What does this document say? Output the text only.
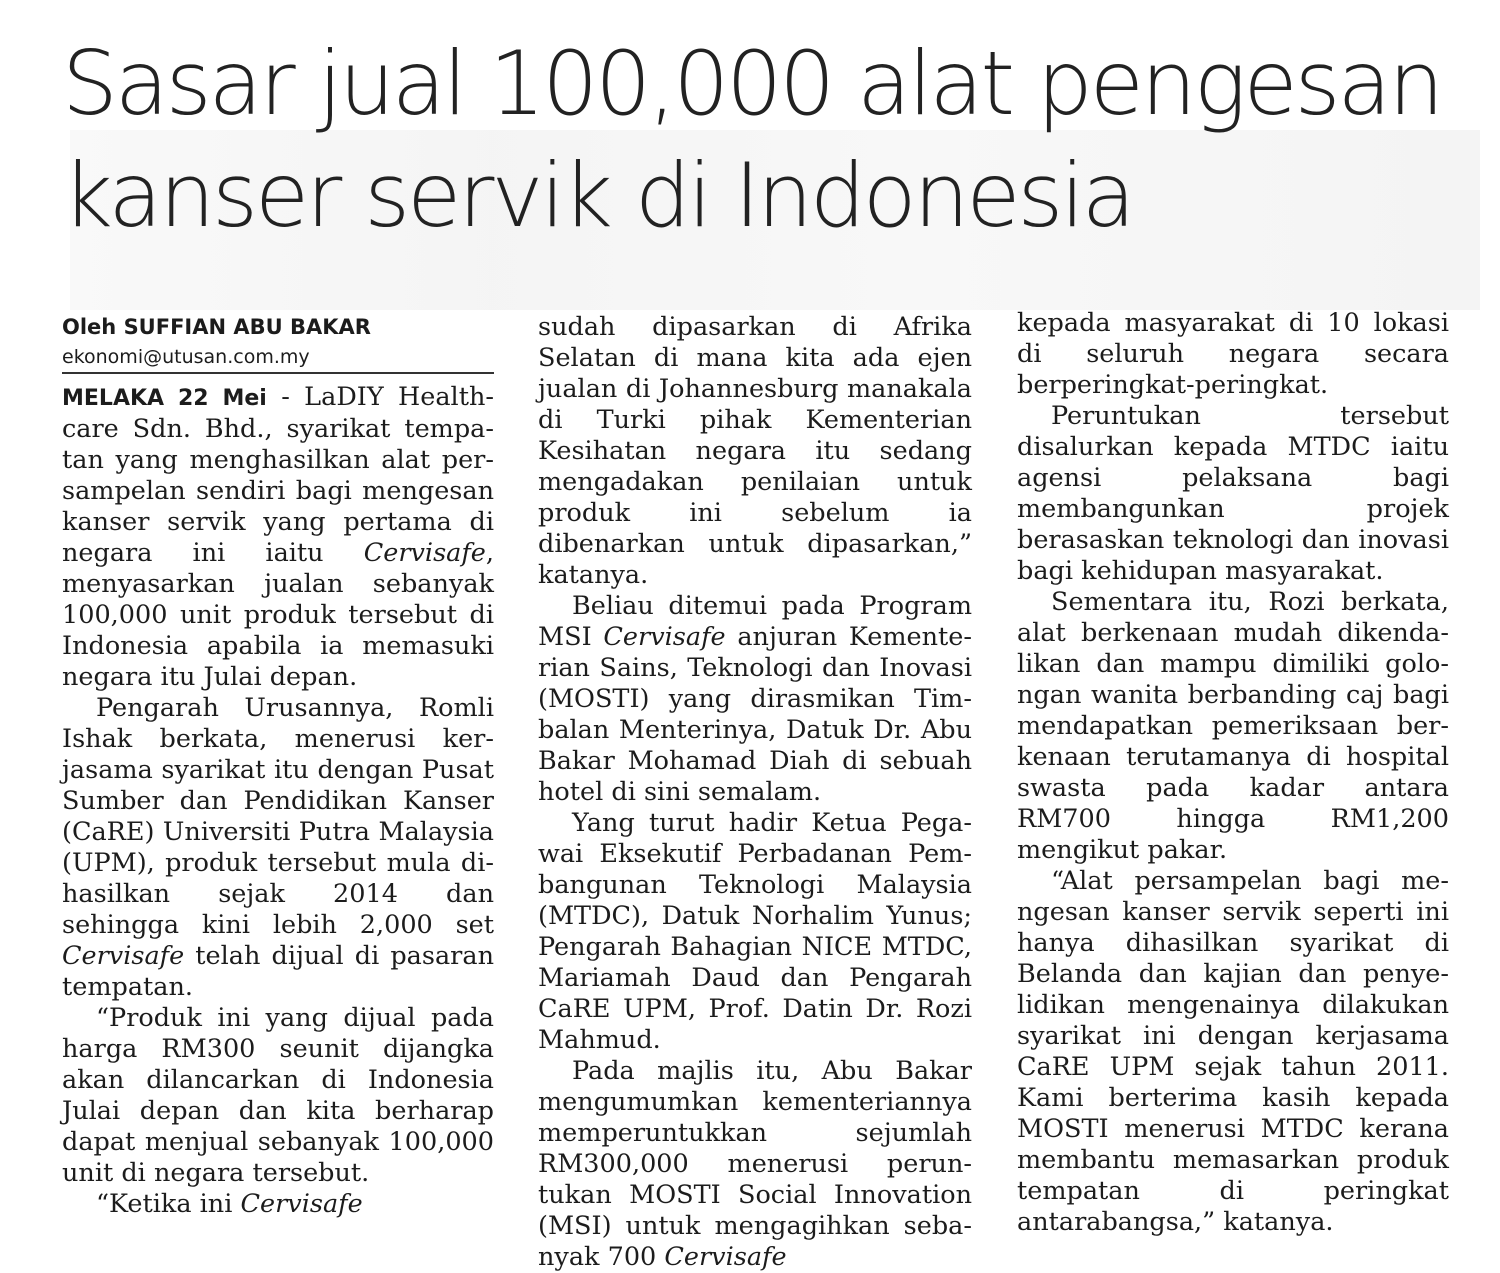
Sasar jual 100,000 alat pengesan
kanser servik di Indonesia

Oleh SUFFIAN ABU BAKAR

ekonomi@utusan.com.my

MELAKA 22 Mei - LaDIY Healthcare Sdn. Bhd., syarikat tempatan yang menghasilkan alat persampelan sendiri bagi mengesan kanser servik yang pertama di negara ini iaitu Cervisafe, menyasarkan jualan sebanyak 100,000 unit produk tersebut di Indonesia apabila ia memasuki negara itu Julai depan.

Pengarah Urusannya, Romli Ishak berkata, menerusi kerjasama syarikat itu dengan Pusat Sumber dan Pendidikan Kanser (CaRE) Universiti Putra Malaysia (UPM), produk tersebut mula dihasilkan sejak 2014 dan sehingga kini lebih 2,000 set Cervisafe telah dijual di pasaran tempatan.

“Produk ini yang dijual pada harga RM300 seunit dijangka akan dilancarkan di Indonesia Julai depan dan kita berharap dapat menjual sebanyak 100,000 unit di negara tersebut.

“Ketika ini Cervisafe

sudah dipasarkan di Afrika Selatan di mana kita ada ejen jualan di Johannesburg manakala di Turki pihak Kementerian Kesihatan negara itu sedang mengadakan penilaian untuk produk ini sebelum ia dibenarkan untuk dipasarkan,” katanya.

Beliau ditemui pada Program MSI Cervisafe anjuran Kementerian Sains, Teknologi dan Inovasi (MOSTI) yang dirasmikan Timbalan Menterinya, Datuk Dr. Abu Bakar Mohamad Diah di sebuah hotel di sini semalam.

Yang turut hadir Ketua Pegawai Eksekutif Perbadanan Pembangunan Teknologi Malaysia (MTDC), Datuk Norhalim Yunus; Pengarah Bahagian NICE MTDC, Mariamah Daud dan Pengarah CaRE UPM, Prof. Datin Dr. Rozi Mahmud.

Pada majlis itu, Abu Bakar mengumumkan kementeriannya memperuntukkan sejumlah RM300,000 menerusi peruntukan MOSTI Social Innovation (MSI) untuk mengagihkan sebanyak 700 Cervisafe

kepada masyarakat di 10 lokasi di seluruh negara secara berperingkat-peringkat.

Peruntukan tersebut disalurkan kepada MTDC iaitu agensi pelaksana bagi membangunkan projek berasaskan teknologi dan inovasi bagi kehidupan masyarakat.

Sementara itu, Rozi berkata, alat berkenaan mudah dikendalikan dan mampu dimiliki golongan wanita berbanding caj bagi mendapatkan pemeriksaan berkenaan terutamanya di hospital swasta pada kadar antara RM700 hingga RM1,200 mengikut pakar.

“Alat persampelan bagi mengesan kanser servik seperti ini hanya dihasilkan syarikat di Belanda dan kajian dan penyelidikan mengenainya dilakukan syarikat ini dengan kerjasama CaRE UPM sejak tahun 2011. Kami berterima kasih kepada MOSTI menerusi MTDC kerana membantu memasarkan produk tempatan di peringkat antarabangsa,” katanya.
